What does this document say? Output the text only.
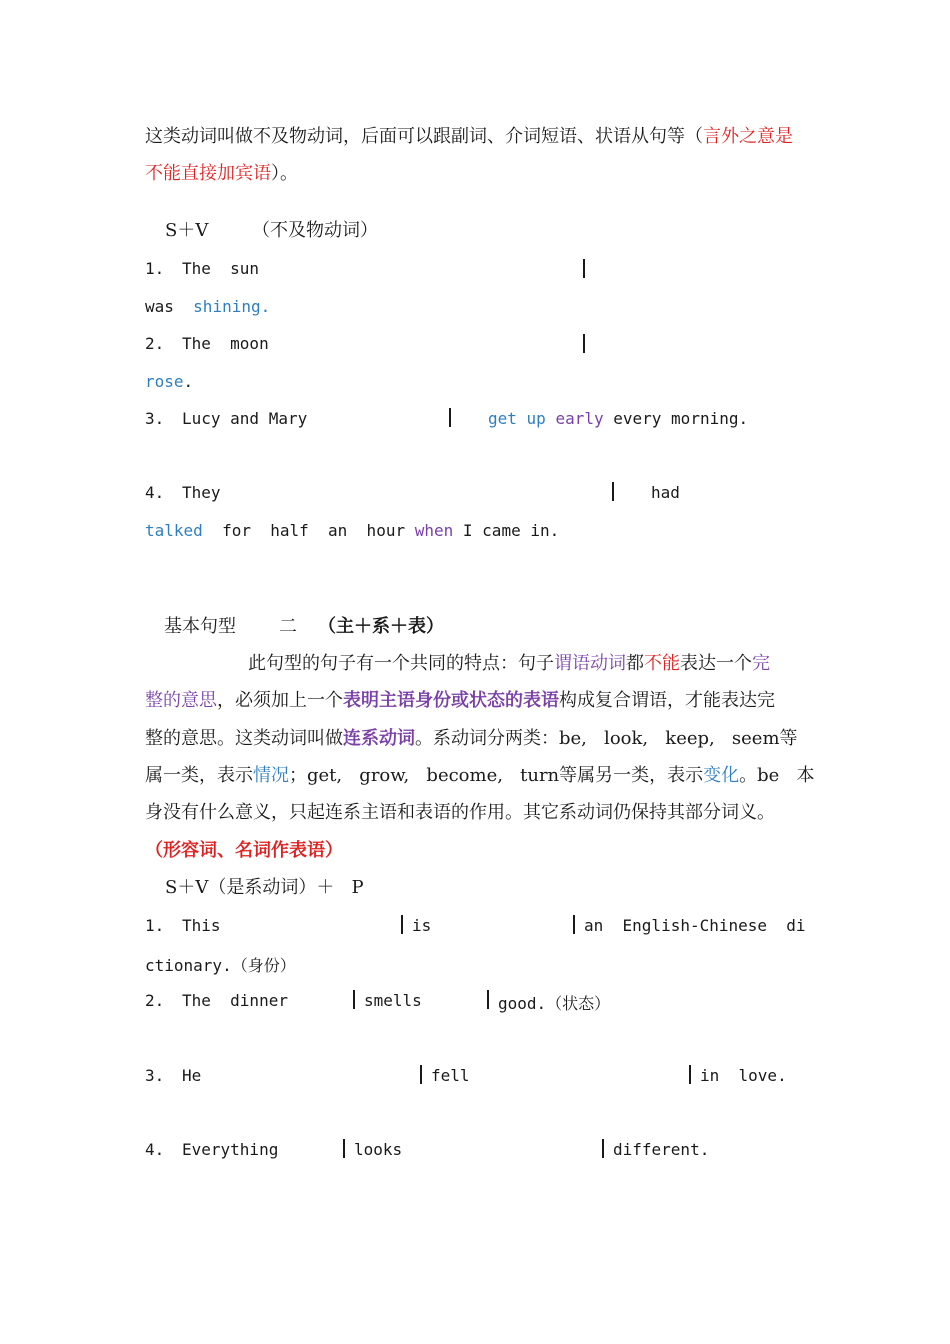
这类动词叫做不及物动词，后面可以跟副词、介词短语、状语从句等（言外之意是
不能直接加宾语）。
S＋V （不及物动词）
1. The  sun
was shining.
2. The  moon
rose.
3. Lucy and Mary	get up early every morning.
4. They	had
talked for  half  an  hour when I came in.
基本句型 二 （主＋系＋表）
此句型的句子有一个共同的特点：句子谓语动词都不能表达一个完
整的意思，必须加上一个表明主语身份或状态的表语构成复合谓语，才能表达完
整的意思。这类动词叫做连系动词。系动词分两类：be,   look,   keep,   seem等
属一类，表示情况；get,   grow,   become,   turn等属另一类，表示变化。be   本
身没有什么意义，只起连系主语和表语的作用。其它系动词仍保持其部分词义。
（形容词、名词作表语）
S＋V（是系动词）＋   P
1. This	is	an  English-Chinese  di
ctionary.（身份）
2. The  dinner	smells	good.（状态）
3. He	fell	in  love.
4. Everything	looks	different.
